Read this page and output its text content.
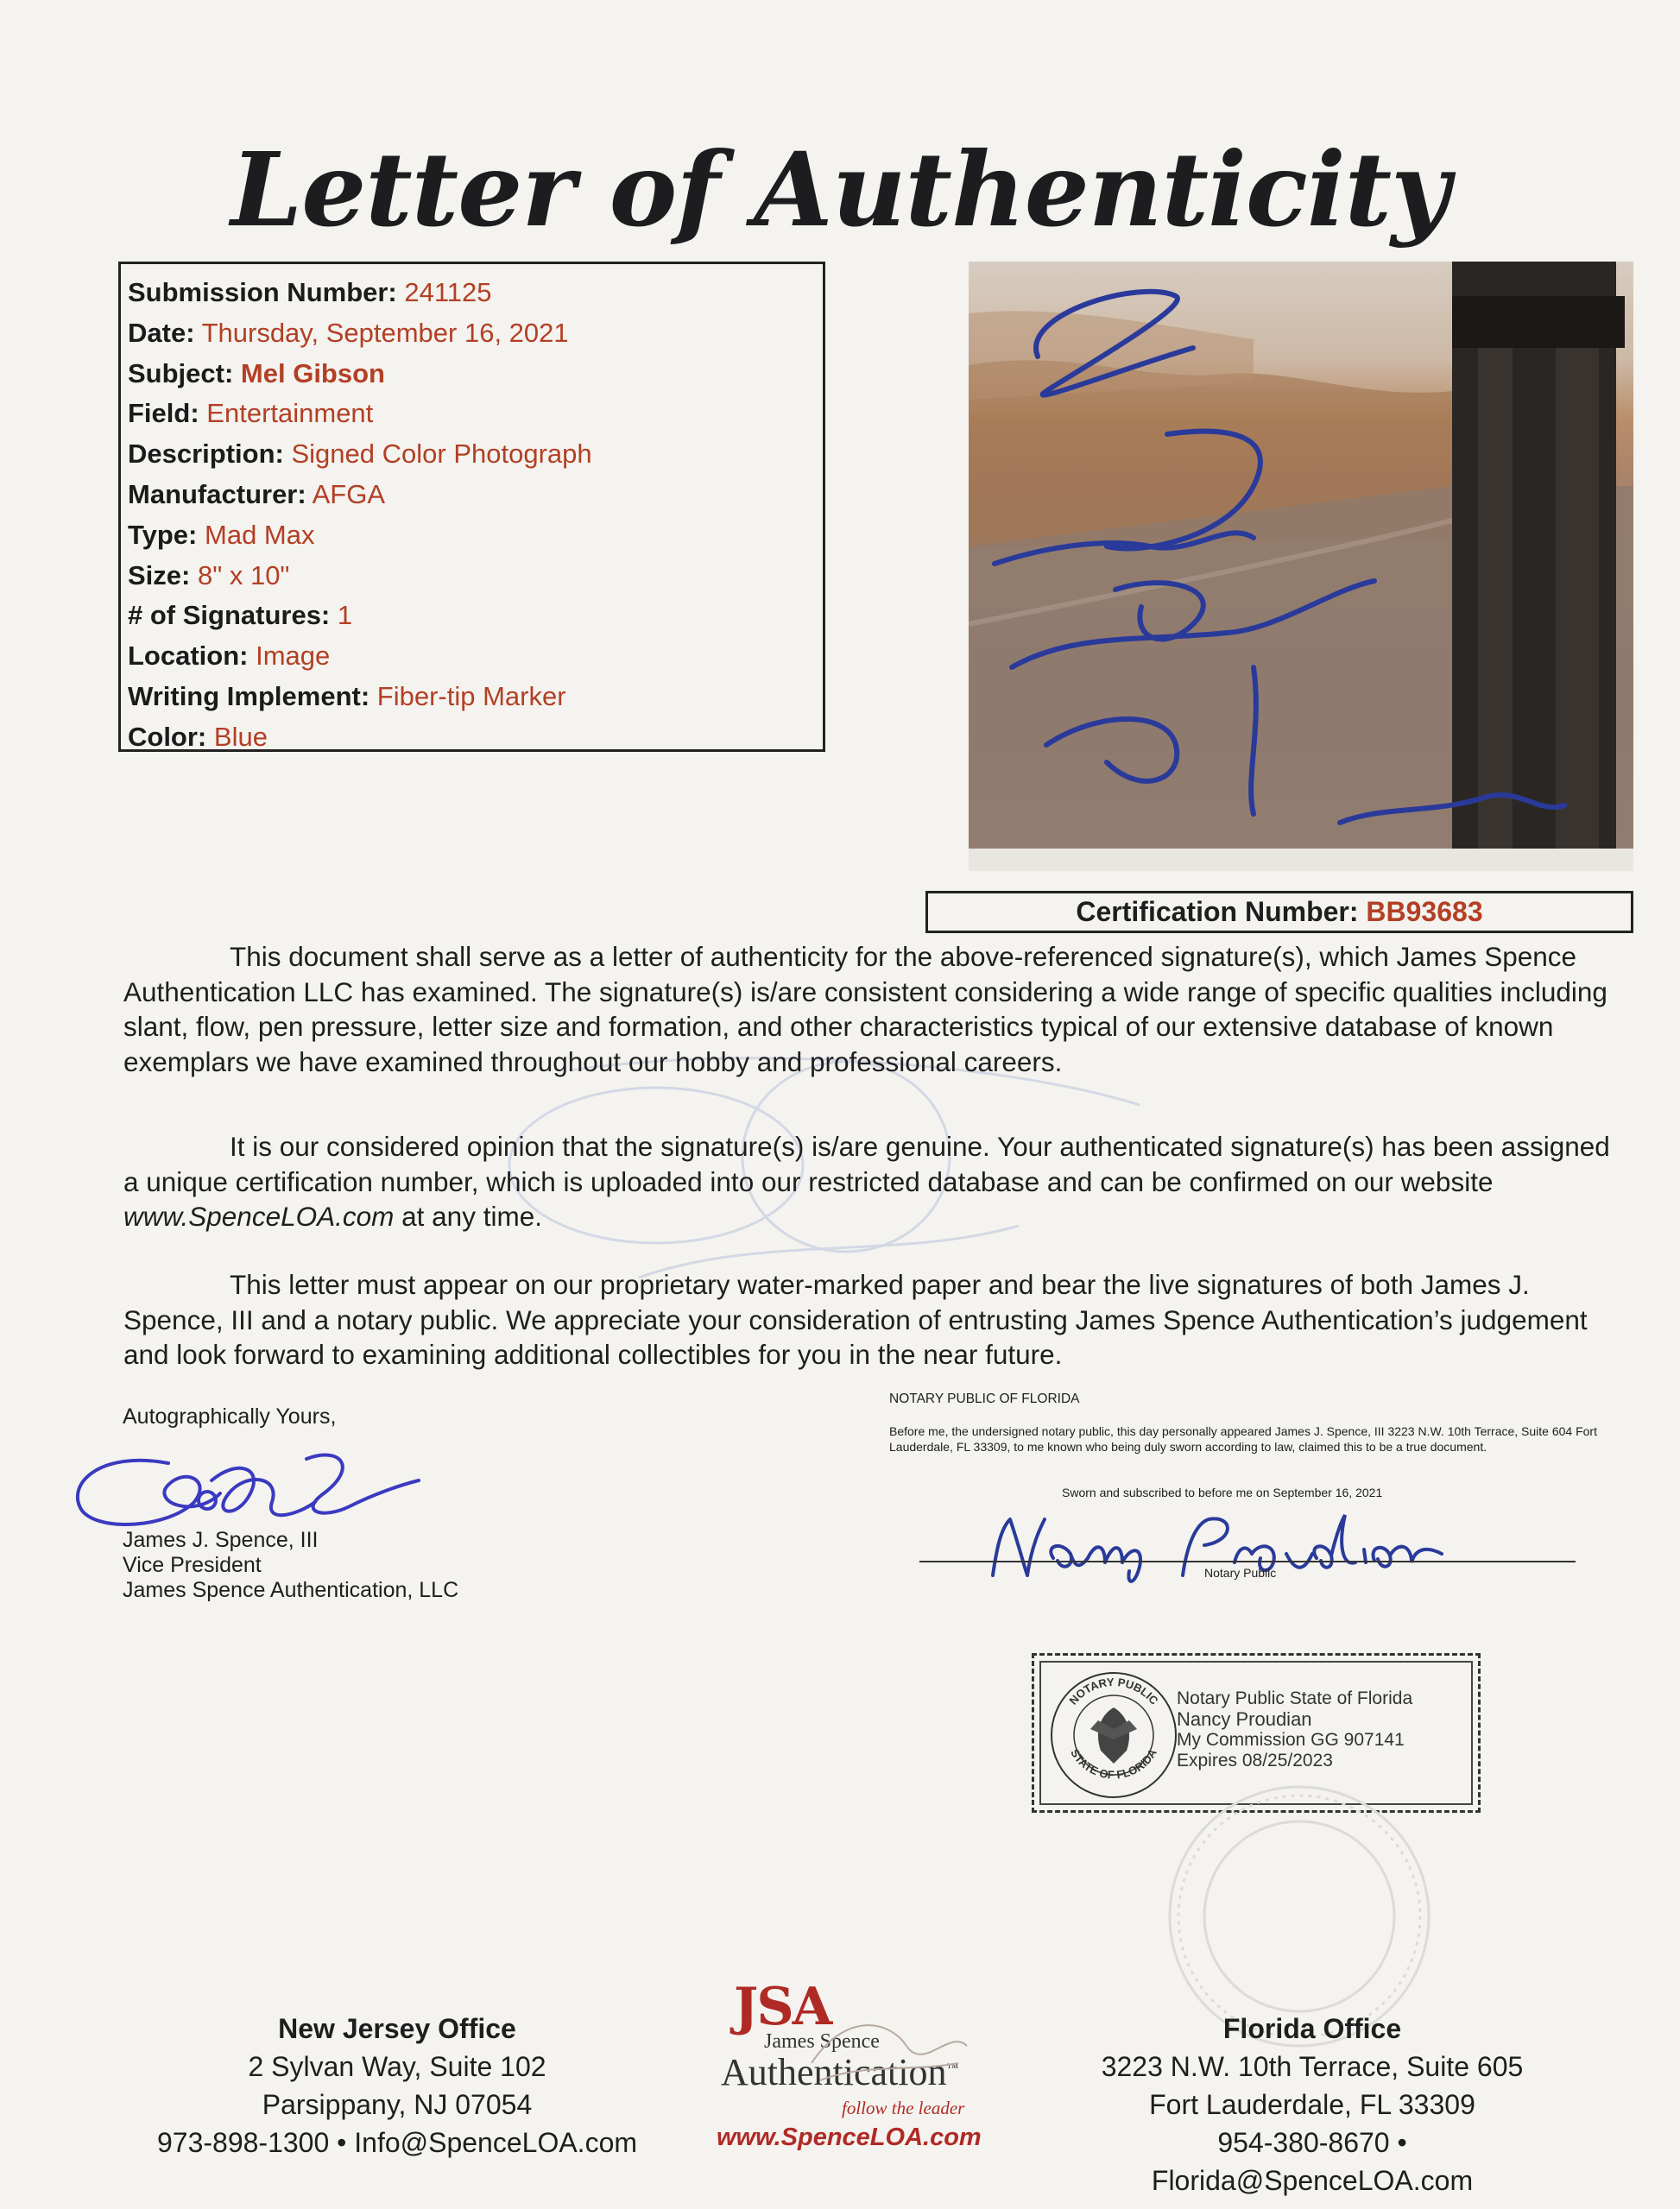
Letter of Authenticity
Submission Number: 241125
Date: Thursday, September 16, 2021
Subject: Mel Gibson
Field: Entertainment
Description: Signed Color Photograph
Manufacturer: AFGA
Type: Mad Max
Size: 8" x 10"
# of Signatures: 1
Location: Image
Writing Implement: Fiber-tip Marker
Color: Blue
Certification Number: BB93683
This document shall serve as a letter of authenticity for the above-referenced signature(s), which James Spence Authentication LLC has examined. The signature(s) is/are consistent considering a wide range of specific qualities including slant, flow, pen pressure, letter size and formation, and other characteristics typical of our extensive database of known exemplars we have examined throughout our hobby and professional careers.
It is our considered opinion that the signature(s) is/are genuine. Your authenticated signature(s) has been assigned a unique certification number, which is uploaded into our restricted database and can be confirmed on our website www.SpenceLOA.com at any time.
This letter must appear on our proprietary water-marked paper and bear the live signatures of both James J. Spence, III and a notary public. We appreciate your consideration of entrusting James Spence Authentication’s judgement and look forward to examining additional collectibles for you in the near future.
Autographically Yours,
James J. Spence, III
Vice President
James Spence Authentication, LLC
NOTARY PUBLIC OF FLORIDA
Before me, the undersigned notary public, this day personally appeared James J. Spence, III 3223 N.W. 10th Terrace, Suite 604 Fort Lauderdale, FL 33309, to me known who being duly sworn according to law, claimed this to be a true document.
Sworn and subscribed to before me on September 16, 2021
Notary Public
NOTARY PUBLIC
STATE OF FLORIDA
Notary Public State of Florida
Nancy Proudian
My Commission GG 907141
Expires 08/25/2023
New Jersey Office
2 Sylvan Way, Suite 102
Parsippany, NJ 07054
973-898-1300 • Info@SpenceLOA.com
JSA
James Spence
Authentication™
follow the leader
www.SpenceLOA.com
Florida Office
3223 N.W. 10th Terrace, Suite 605
Fort Lauderdale, FL 33309
954-380-8670 • Florida@SpenceLOA.com
